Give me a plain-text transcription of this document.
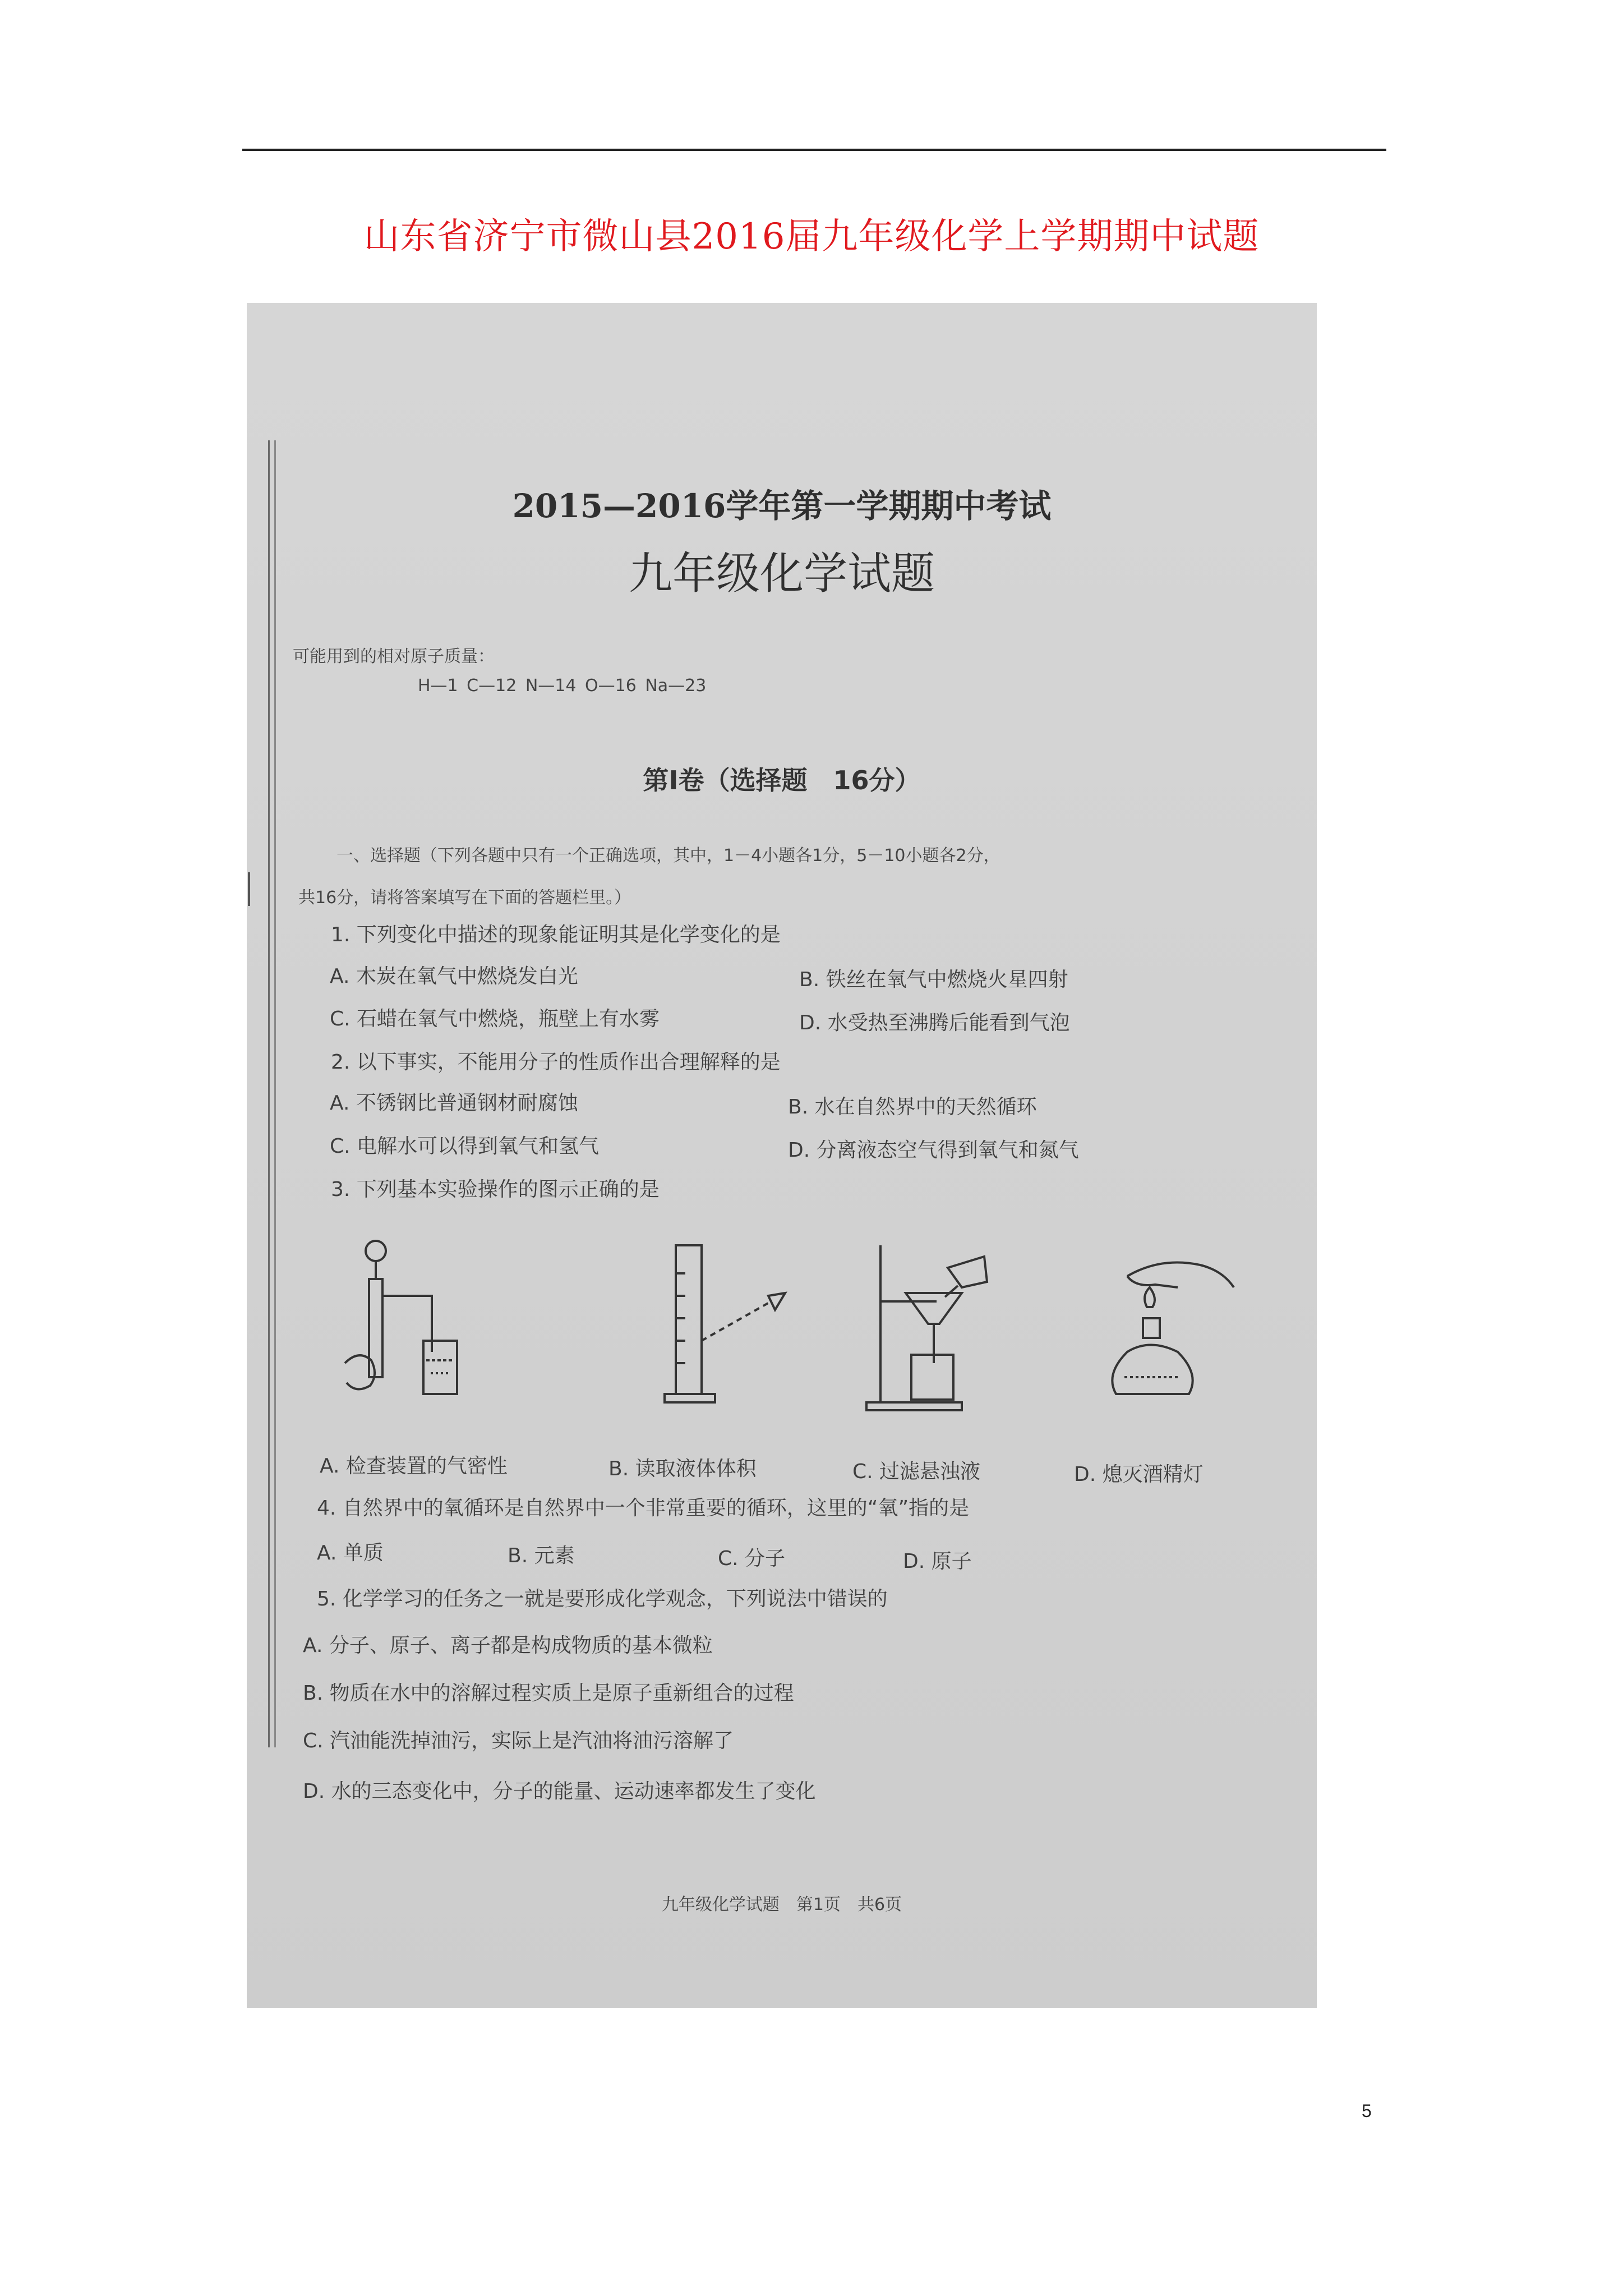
山东省济宁市微山县2016届九年级化学上学期期中试题
2015—2016学年第一学期期中考试
九年级化学试题
可能用到的相对原子质量：
H—1 C—12 N—14 O—16 Na—23
第Ⅰ卷（选择题　16分）
一、选择题（下列各题中只有一个正确选项，其中，1－4小题各1分，5－10小题各2分，
共16分，请将答案填写在下面的答题栏里。）
1. 下列变化中描述的现象能证明其是化学变化的是
A. 木炭在氧气中燃烧发白光	B. 铁丝在氧气中燃烧火星四射
C. 石蜡在氧气中燃烧，瓶壁上有水雾	D. 水受热至沸腾后能看到气泡
2. 以下事实，不能用分子的性质作出合理解释的是
A. 不锈钢比普通钢材耐腐蚀	B. 水在自然界中的天然循环
C. 电解水可以得到氧气和氢气	D. 分离液态空气得到氧气和氮气
3. 下列基本实验操作的图示正确的是
A. 检查装置的气密性	B. 读取液体体积	C. 过滤悬浊液	D. 熄灭酒精灯
4. 自然界中的氧循环是自然界中一个非常重要的循环，这里的“氧”指的是
A. 单质	B. 元素	C. 分子	D. 原子
5. 化学学习的任务之一就是要形成化学观念，下列说法中错误的
A. 分子、原子、离子都是构成物质的基本微粒
B. 物质在水中的溶解过程实质上是原子重新组合的过程
C. 汽油能洗掉油污，实际上是汽油将油污溶解了
D. 水的三态变化中，分子的能量、运动速率都发生了变化
九年级化学试题　第1页　共6页
5
